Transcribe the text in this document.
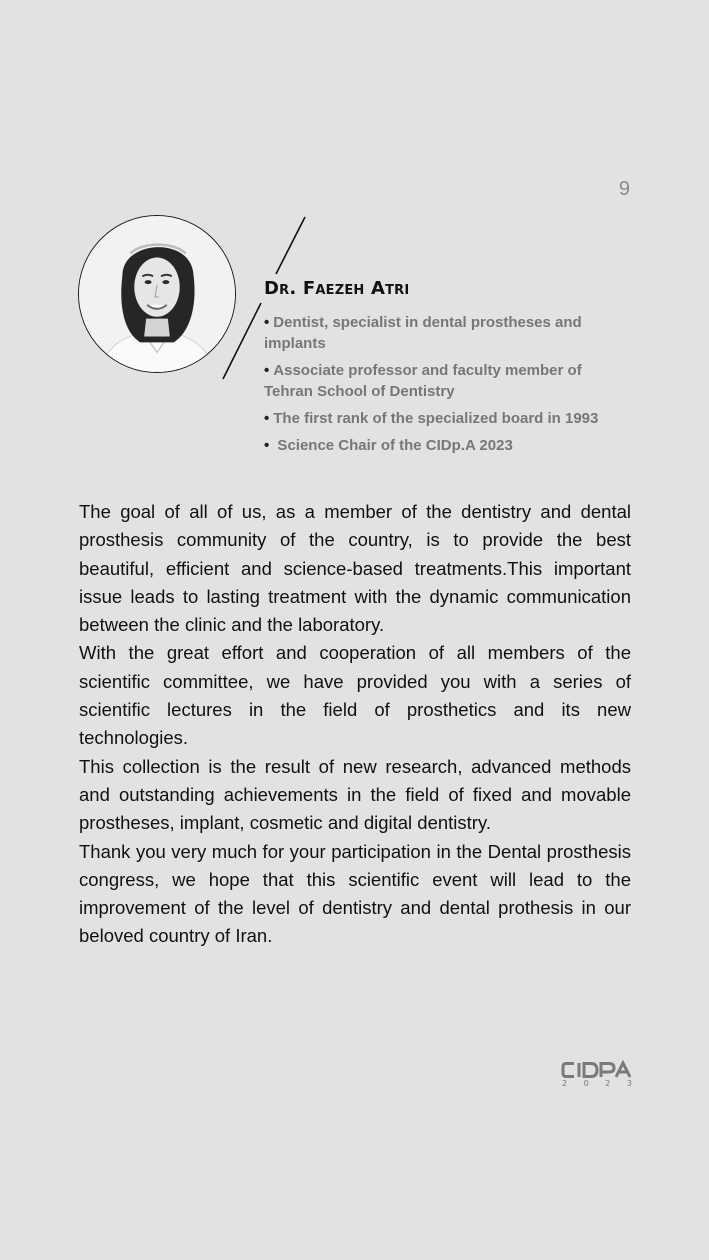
9
Dr. Faezeh Atri
• Dentist, specialist in dental prostheses and implants
• Associate professor and faculty member of Tehran School of Dentistry
• The first rank of the specialized board in 1993
• Science Chair of the CIDp.A 2023

The goal of all of us, as a member of the dentistry and dental prosthesis community of the country, is to provide the best beautiful, efficient and science-based treatments.This important issue leads to lasting treatment with the dynamic communication between the clinic and the laboratory.

With the great effort and cooperation of all members of the scientific committee, we have provided you with a series of scientific lectures in the field of prosthetics and its new technologies.

This collection is the result of new research, advanced methods and outstanding achievements in the field of fixed and movable prostheses, implant, cosmetic and digital dentistry.

Thank you very much for your participation in the Dental prosthesis congress, we hope that this scientific event will lead to the improvement of the level of dentistry and dental prothesis in our beloved country of Iran.

2 0 2 3
